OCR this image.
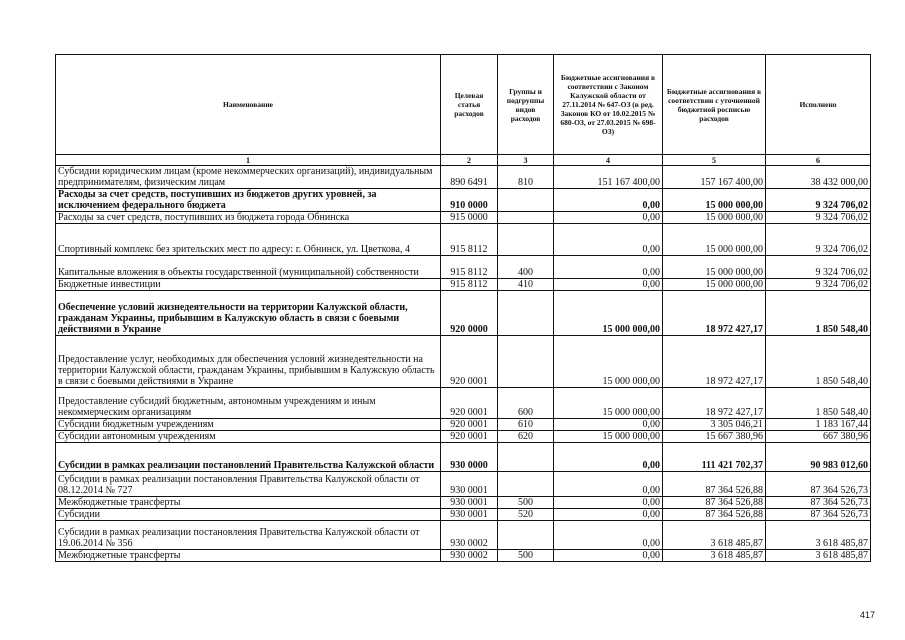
Наименование	Целевая статья расходов	Группы и подгруппы видов расходов	Бюджетные ассигнования в соответствии с Законом Калужской области от 27.11.2014 № 647-ОЗ (в ред. Законов КО от 10.02.2015 № 680-ОЗ, от 27.03.2015 № 698-ОЗ)	Бюджетные ассигнования в соответствии с уточненной бюджетной росписью расходов	Исполнено
1	2	3	4	5	6
Субсидии юридическим лицам (кроме некоммерческих организаций), индивидуальным предпринимателям, физическим лицам	890 6491	810	151 167 400,00	157 167 400,00	38 432 000,00
Расходы за счет средств, поступивших из бюджетов других уровней, за исключением федерального бюджета	910 0000		0,00	15 000 000,00	9 324 706,02
Расходы за счет средств, поступивших из бюджета города Обнинска	915 0000		0,00	15 000 000,00	9 324 706,02
Спортивный комплекс без зрительских мест по адресу: г. Обнинск, ул. Цветкова, 4	915 8112		0,00	15 000 000,00	9 324 706,02
Капитальные вложения в объекты государственной (муниципальной) собственности	915 8112	400	0,00	15 000 000,00	9 324 706,02
Бюджетные инвестиции	915 8112	410	0,00	15 000 000,00	9 324 706,02
Обеспечение условий жизнедеятельности на территории Калужской области, гражданам Украины, прибывшим в Калужскую область в связи с боевыми действиями в Украине	920 0000		15 000 000,00	18 972 427,17	1 850 548,40
Предоставление услуг, необходимых для обеспечения условий жизнедеятельности на территории Калужской области, гражданам Украины, прибывшим в Калужскую область в связи с боевыми действиями в Украине	920 0001		15 000 000,00	18 972 427,17	1 850 548,40
Предоставление субсидий бюджетным, автономным учреждениям и иным некоммерческим организациям	920 0001	600	15 000 000,00	18 972 427,17	1 850 548,40
Субсидии бюджетным учреждениям	920 0001	610	0,00	3 305 046,21	1 183 167,44
Субсидии автономным учреждениям	920 0001	620	15 000 000,00	15 667 380,96	667 380,96
Субсидии в рамках реализации постановлений Правительства Калужской области	930 0000		0,00	111 421 702,37	90 983 012,60
Субсидии в рамках реализации постановления Правительства Калужской области от 08.12.2014 № 727	930 0001		0,00	87 364 526,88	87 364 526,73
Межбюджетные трансферты	930 0001	500	0,00	87 364 526,88	87 364 526,73
Субсидии	930 0001	520	0,00	87 364 526,88	87 364 526,73
Субсидии в рамках реализации постановления Правительства Калужской области от 19.06.2014 № 356	930 0002		0,00	3 618 485,87	3 618 485,87
Межбюджетные трансферты	930 0002	500	0,00	3 618 485,87	3 618 485,87
417
